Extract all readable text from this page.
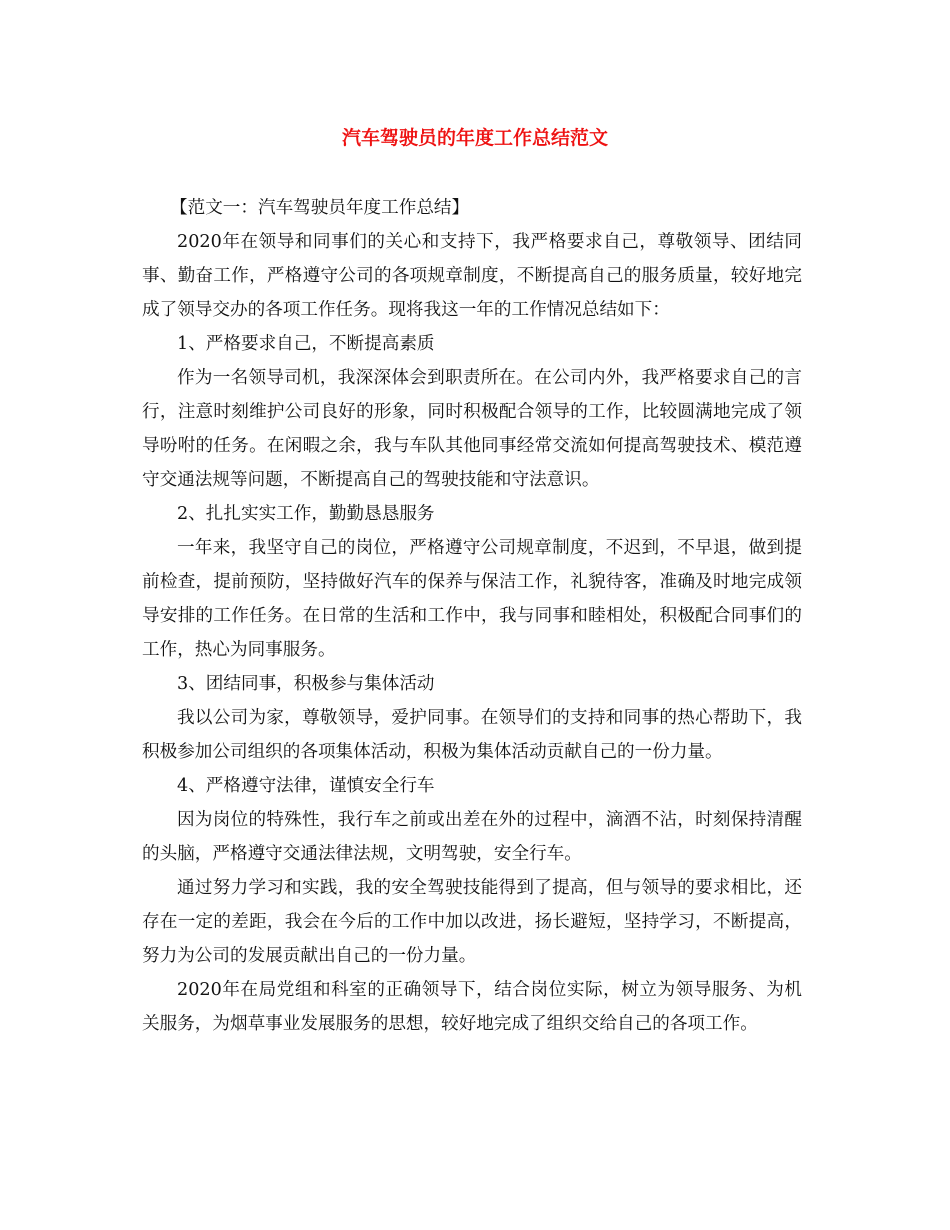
汽车驾驶员的年度工作总结范文

【范文一：汽车驾驶员年度工作总结】

2020年在领导和同事们的关心和支持下，我严格要求自己，尊敬领导、团结同事、勤奋工作，严格遵守公司的各项规章制度，不断提高自己的服务质量，较好地完成了领导交办的各项工作任务。现将我这一年的工作情况总结如下：

1、严格要求自己，不断提高素质

作为一名领导司机，我深深体会到职责所在。在公司内外，我严格要求自己的言行，注意时刻维护公司良好的形象，同时积极配合领导的工作，比较圆满地完成了领导吩咐的任务。在闲暇之余，我与车队其他同事经常交流如何提高驾驶技术、模范遵守交通法规等问题，不断提高自己的驾驶技能和守法意识。

2、扎扎实实工作，勤勤恳恳服务

一年来，我坚守自己的岗位，严格遵守公司规章制度，不迟到，不早退，做到提前检查，提前预防，坚持做好汽车的保养与保洁工作，礼貌待客，准确及时地完成领导安排的工作任务。在日常的生活和工作中，我与同事和睦相处，积极配合同事们的工作，热心为同事服务。

3、团结同事，积极参与集体活动

我以公司为家，尊敬领导，爱护同事。在领导们的支持和同事的热心帮助下，我积极参加公司组织的各项集体活动，积极为集体活动贡献自己的一份力量。

4、严格遵守法律，谨慎安全行车

因为岗位的特殊性，我行车之前或出差在外的过程中，滴酒不沾，时刻保持清醒的头脑，严格遵守交通法律法规，文明驾驶，安全行车。

通过努力学习和实践，我的安全驾驶技能得到了提高，但与领导的要求相比，还存在一定的差距，我会在今后的工作中加以改进，扬长避短，坚持学习，不断提高，努力为公司的发展贡献出自己的一份力量。

2020年在局党组和科室的正确领导下，结合岗位实际，树立为领导服务、为机关服务，为烟草事业发展服务的思想，较好地完成了组织交给自己的各项工作。
